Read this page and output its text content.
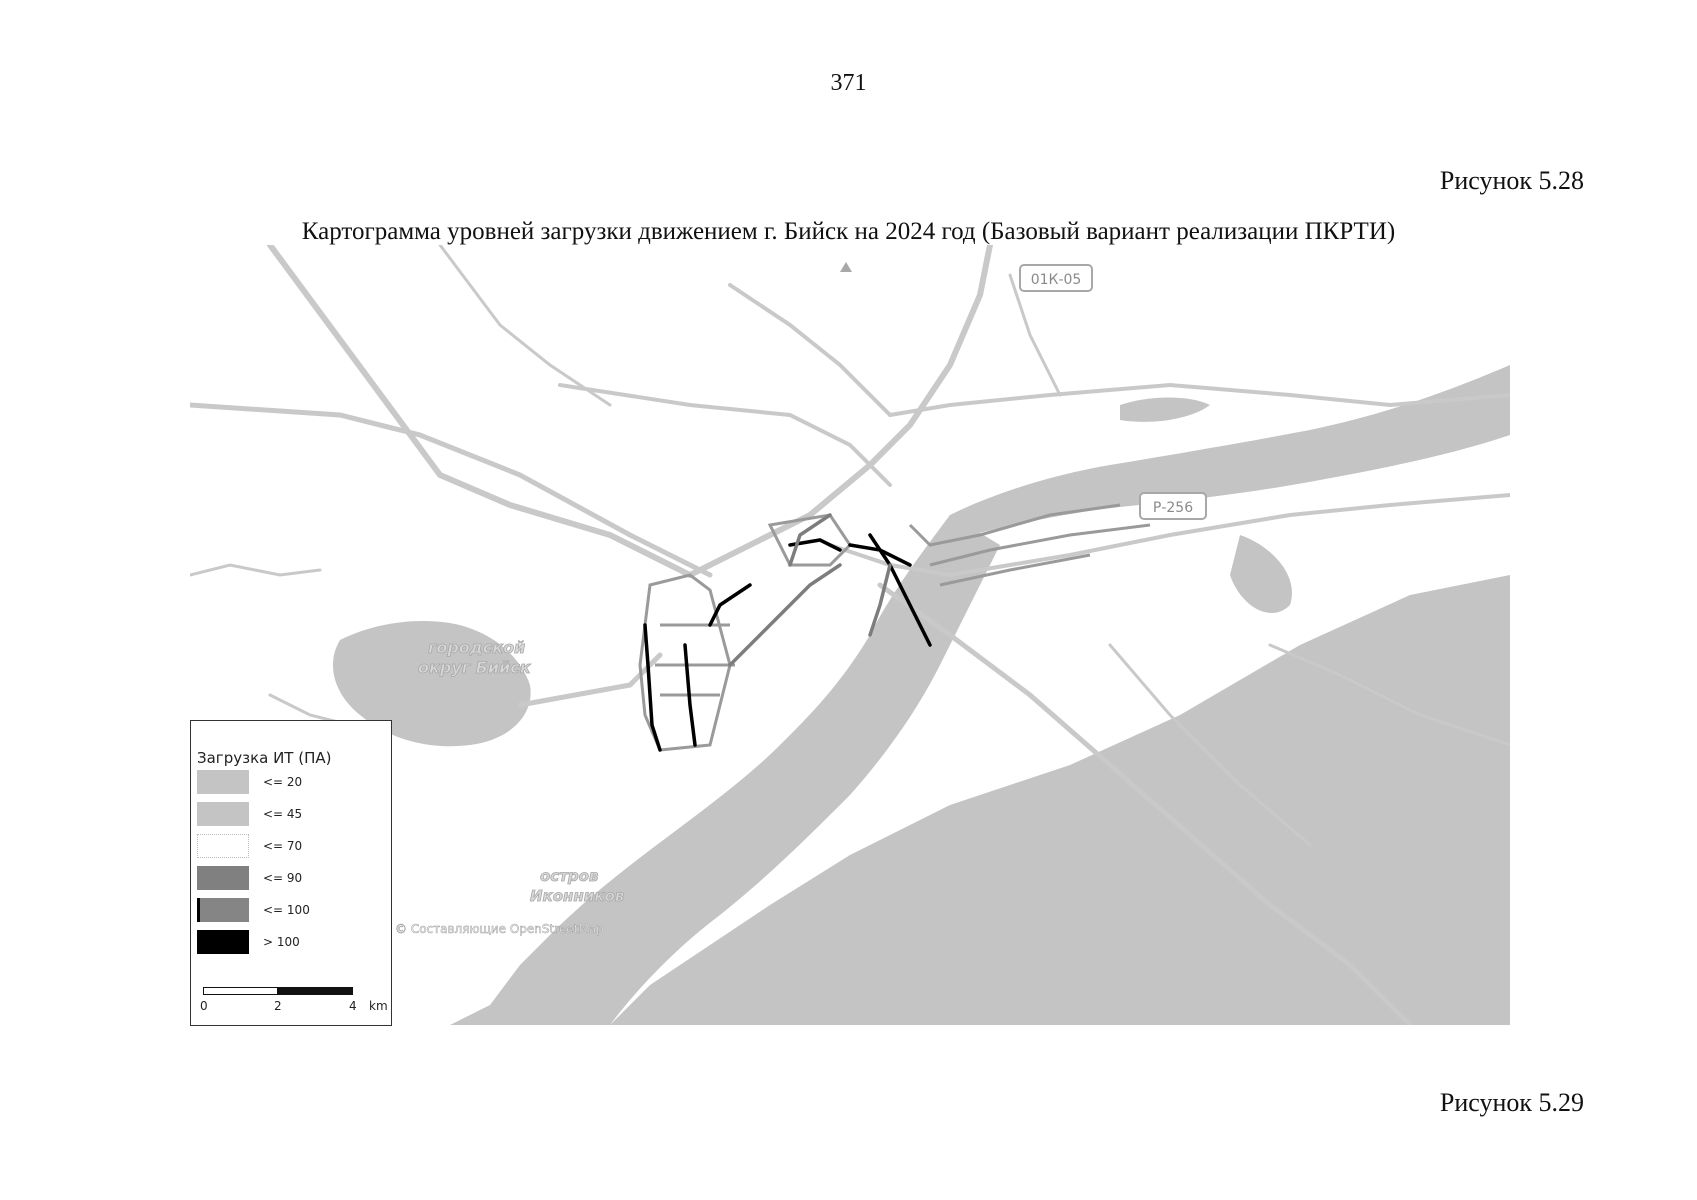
371
Рисунок 5.28
Картограмма уровней загрузки движением г. Бийск на 2024 год (Базовый вариант реализации ПКРТИ)
городской
округ Бийск
остров
Иконников
01К-05
Р-256
© Составляющие OpenStreetMap
Загрузка ИТ (ПА)
<= 20
<= 45
<= 70
<= 90
<= 100
> 100
0	2	4 km
Рисунок 5.29
